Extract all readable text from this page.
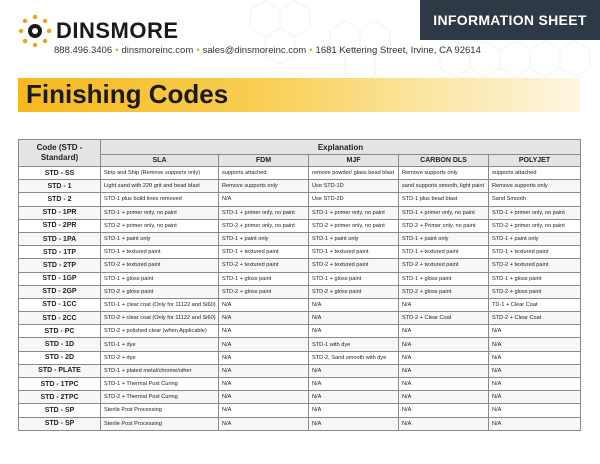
DINSMORE	INFORMATION SHEET
888.496.3406 • dinsmoreinc.com • sales@dinsmoreinc.com • 1681 Kettering Street, Irvine, CA 92614
Finishing Codes
Code (STD - Standard)	Explanation				
	SLA	FDM	MJF	CARBON DLS	POLYJET
STD - SS	Strip and Ship (Remove supports only)	supports attached	remove powder/ glass bead blast	Remove supports only	supports attached
STD - 1	Light sand with 220 grit and bead blast	Remove supports only	Use STD-1D	sand supports smooth, light paint	Remove supports only
STD - 2	STD-1 plus build lines removed	N/A	Use STD-2D	STD-1 plus bead blast	Sand Smooth
STD - 1PR	STD-1 + primer only, no paint	STD-1 + primer only, no paint	STD-1 + primer only, no paint	STD-1 + primer only, no paint	STD-1 + primer only, no paint
STD - 2PR	STD-2 + primer only, no paint	STD-2 + primer only, no paint	STD-2 + primer only, no paint	STD-2 + Primer only, no paint	STD-2 + primer only, no paint
STD - 1PA	STD-1 + paint only	STD-1 + paint only	STD-1 + paint only	STD-1 + paint only	STD-1 + paint only
STD - 1TP	STD-1 + textured paint	STD-1 + textured paint	STD-1 + textured paint	STD-1 + textured paint	STD-1 + textured paint
STD - 2TP	STD-2 + textured paint	STD-2 + textured paint	STD-2 + textured paint	STD-2 + textured paint	STD-2 + textured paint
STD - 1GP	STD-1 + gloss paint	STD-1 + gloss paint	STD-1 + gloss paint	STD-1 + gloss paint	STD-1 + gloss paint
STD - 2GP	STD-2 + gloss paint	STD-2 + gloss paint	STD-2 + gloss paint	STD-2 + gloss paint	STD-2 + gloss paint
STD - 1CC	STD-1 + clear coat (Only for 11122 and Si60)	N/A	N/A	N/A	TD-1 + Clear Coat
STD - 2CC	STD-2 + clear coat (Only for 11122 and Si60)	N/A	N/A	STD-2 + Clear Coat	STD-2 + Clear Coat
STD - PC	STD-2 + polished clear (when Applicable)	N/A	N/A	N/A	N/A
STD - 1D	STD-1 + dye	N/A	STD-1 with dye	N/A	N/A
STD - 2D	STD-2 + dye	N/A	STD-2, Sand smooth with dye	N/A	N/A
STD - PLATE	STD-1 + plated metal/chrome/other	N/A	N/A	N/A	N/A
STD - 1TPC	STD-1 + Thermal Post Curing	N/A	N/A	N/A	N/A
STD - 2TPC	STD-2 + Thermal Post Curing	N/A	N/A	N/A	N/A
STD - SP	Sterile Post Processing	N/A	N/A	N/A	N/A
STD - SP	Sterile Post Processing	N/A	N/A	N/A	N/A
